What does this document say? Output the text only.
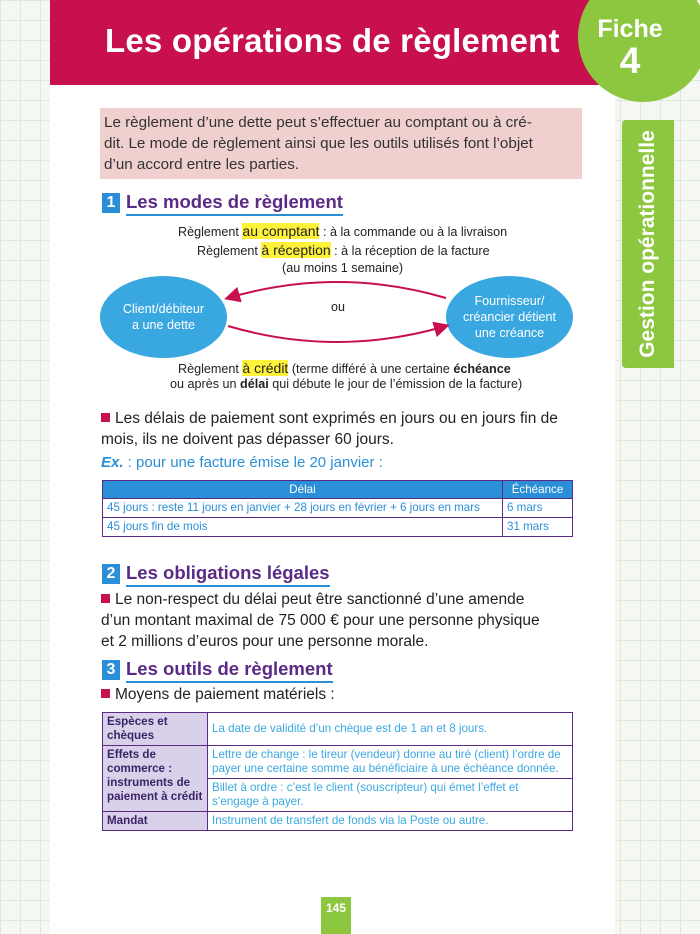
Les opérations de règlement	Fiche
4
Gestion opérationnelle
Le règlement d’une dette peut s’effectuer au comptant ou à cré-
dit. Le mode de règlement ainsi que les outils utilisés font l’objet
d’un accord entre les parties.
1 Les modes de règlement
Règlement au comptant : à la commande ou à la livraison
Règlement à réception : à la réception de la facture
(au moins 1 semaine)
Client/débiteur
a une dette
Fournisseur/
créancier détient
une créance
ou
Règlement à crédit (terme différé à une certaine échéance
ou après un délai qui débute le jour de l’émission de la facture)
Les délais de paiement sont exprimés en jours ou en jours fin de
mois, ils ne doivent pas dépasser 60 jours.
Ex. : pour une facture émise le 20 janvier :
Délai	Échéance
45 jours : reste 11 jours en janvier + 28 jours en février + 6 jours en mars	6 mars
45 jours fin de mois	31 mars
2 Les obligations légales
Le non-respect du délai peut être sanctionné d’une amende
d’un montant maximal de 75 000 € pour une personne physique
et 2 millions d’euros pour une personne morale.
3 Les outils de règlement
Moyens de paiement matériels :
Espèces et chèques	La date de validité d’un chèque est de 1 an et 8 jours.
Effets de commerce : instruments de paiement à crédit	Lettre de change : le tireur (vendeur) donne au tiré (client) l’ordre de payer une certaine somme au bénéficiaire à une échéance donnée.
	Billet à ordre : c’est le client (souscripteur) qui émet l’effet et s’engage à payer.
Mandat	Instrument de transfert de fonds via la Poste ou autre.
145
